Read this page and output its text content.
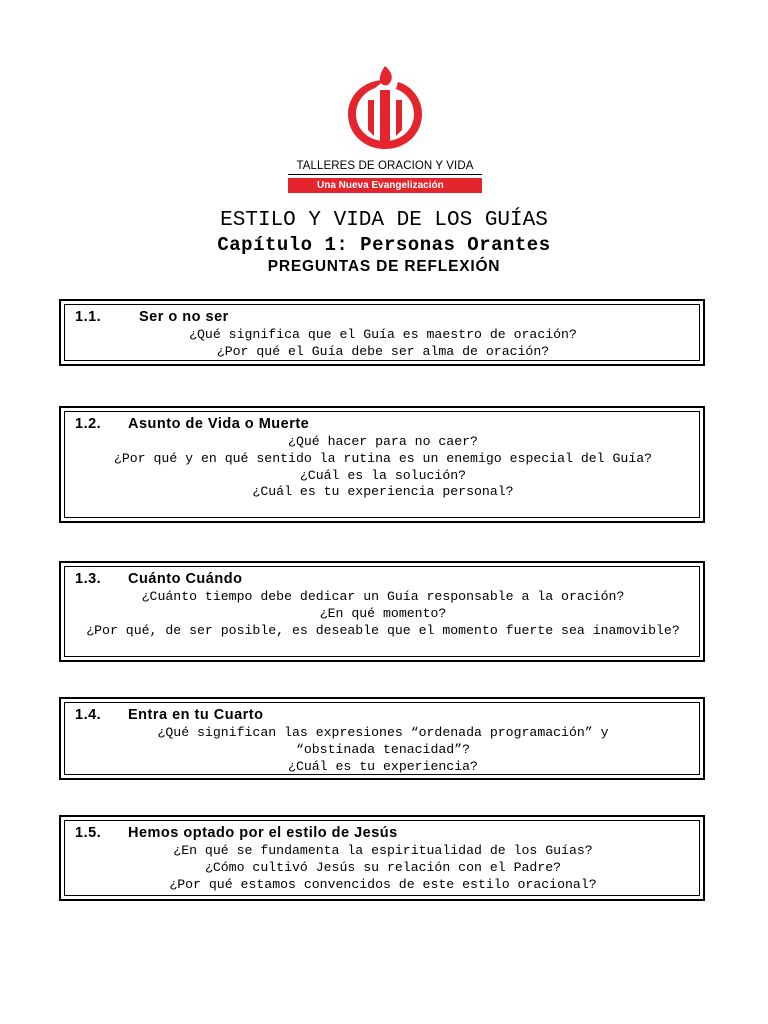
TALLERES DE ORACION Y VIDA
Una Nueva Evangelización
ESTILO Y VIDA DE LOS GUÍAS
Capítulo 1: Personas Orantes
PREGUNTAS DE REFLEXIÓN
1.1.	Ser o no ser
¿Qué significa que el Guía es maestro de oración?
¿Por qué el Guía debe ser alma de oración?
1.2. Asunto de Vida o Muerte
¿Qué hacer para no caer?
¿Por qué y en qué sentido la rutina es un enemigo especial del Guía?
¿Cuál es la solución?
¿Cuál es tu experiencia personal?
1.3. Cuánto Cuándo
¿Cuánto tiempo debe dedicar un Guía responsable a la oración?
¿En qué momento?
¿Por qué, de ser posible, es deseable que el momento fuerte sea inamovible?
1.4. Entra en tu Cuarto
¿Qué significan las expresiones “ordenada programación” y “obstinada tenacidad”?
¿Cuál es tu experiencia?
1.5. Hemos optado por el estilo de Jesús
¿En qué se fundamenta la espiritualidad de los Guías?
¿Cómo cultivó Jesús su relación con el Padre?
¿Por qué estamos convencidos de este estilo oracional?
